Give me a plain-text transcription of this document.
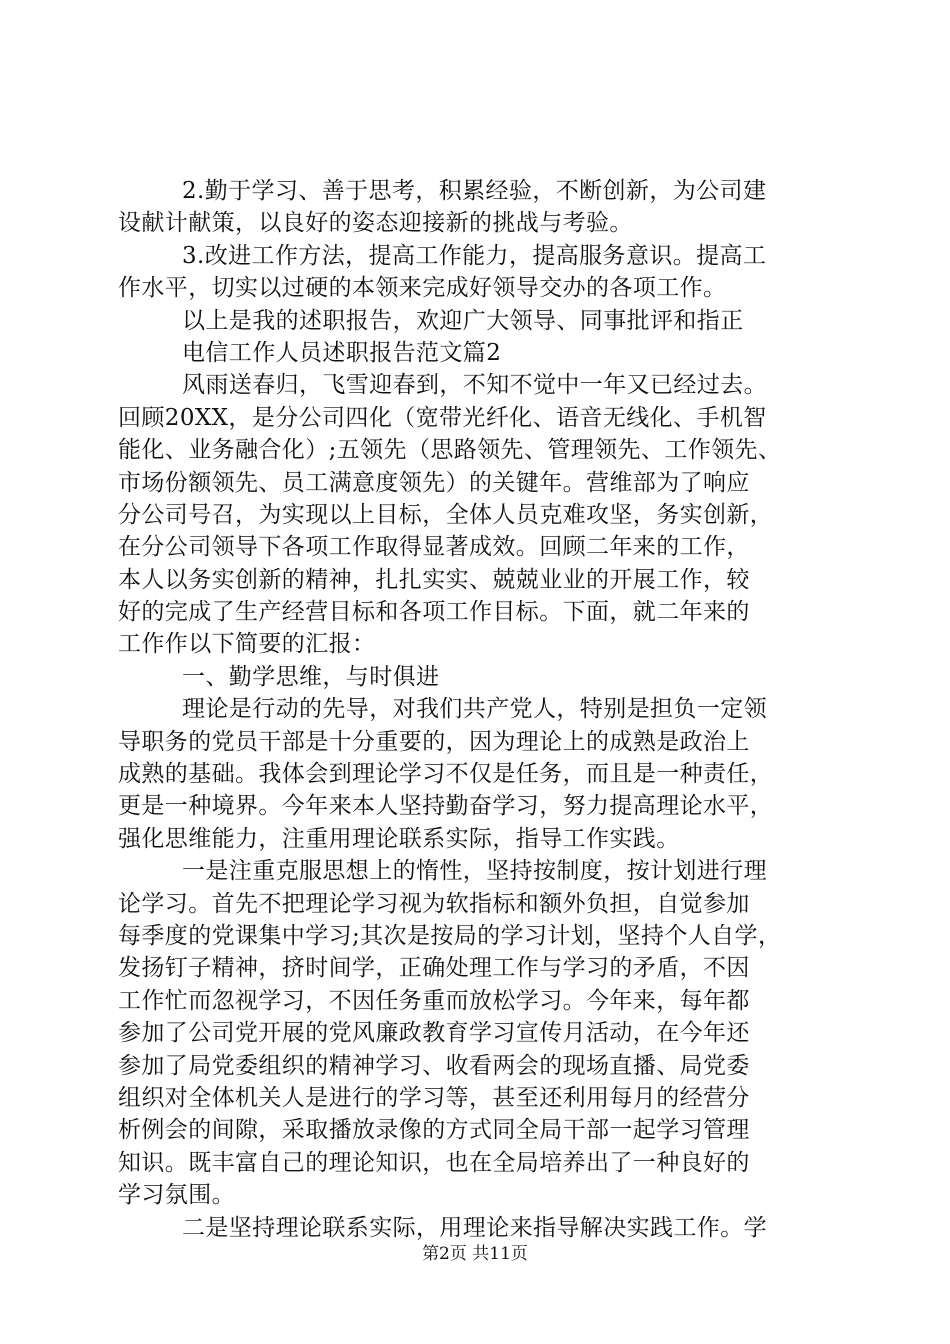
2.勤于学习、善于思考，积累经验，不断创新，为公司建
设献计献策，以良好的姿态迎接新的挑战与考验。
3.改进工作方法，提高工作能力，提高服务意识。提高工
作水平，切实以过硬的本领来完成好领导交办的各项工作。
以上是我的述职报告，欢迎广大领导、同事批评和指正
电信工作人员述职报告范文篇2
风雨送春归，飞雪迎春到，不知不觉中一年又已经过去。
回顾20XX，是分公司四化（宽带光纤化、语音无线化、手机智
能化、业务融合化）;五领先（思路领先、管理领先、工作领先、
市场份额领先、员工满意度领先）的关键年。营维部为了响应
分公司号召，为实现以上目标，全体人员克难攻坚，务实创新，
在分公司领导下各项工作取得显著成效。回顾二年来的工作，
本人以务实创新的精神，扎扎实实、兢兢业业的开展工作，较
好的完成了生产经营目标和各项工作目标。下面，就二年来的
工作作以下简要的汇报：
一、勤学思维，与时俱进
理论是行动的先导，对我们共产党人，特别是担负一定领
导职务的党员干部是十分重要的，因为理论上的成熟是政治上
成熟的基础。我体会到理论学习不仅是任务，而且是一种责任，
更是一种境界。今年来本人坚持勤奋学习，努力提高理论水平，
强化思维能力，注重用理论联系实际，指导工作实践。
一是注重克服思想上的惰性，坚持按制度，按计划进行理
论学习。首先不把理论学习视为软指标和额外负担，自觉参加
每季度的党课集中学习;其次是按局的学习计划，坚持个人自学，
发扬钉子精神，挤时间学，正确处理工作与学习的矛盾，不因
工作忙而忽视学习，不因任务重而放松学习。今年来，每年都
参加了公司党开展的党风廉政教育学习宣传月活动，在今年还
参加了局党委组织的精神学习、收看两会的现场直播、局党委
组织对全体机关人是进行的学习等，甚至还利用每月的经营分
析例会的间隙，采取播放录像的方式同全局干部一起学习管理
知识。既丰富自己的理论知识，也在全局培养出了一种良好的
学习氛围。
二是坚持理论联系实际，用理论来指导解决实践工作。学
第2页 共11页
